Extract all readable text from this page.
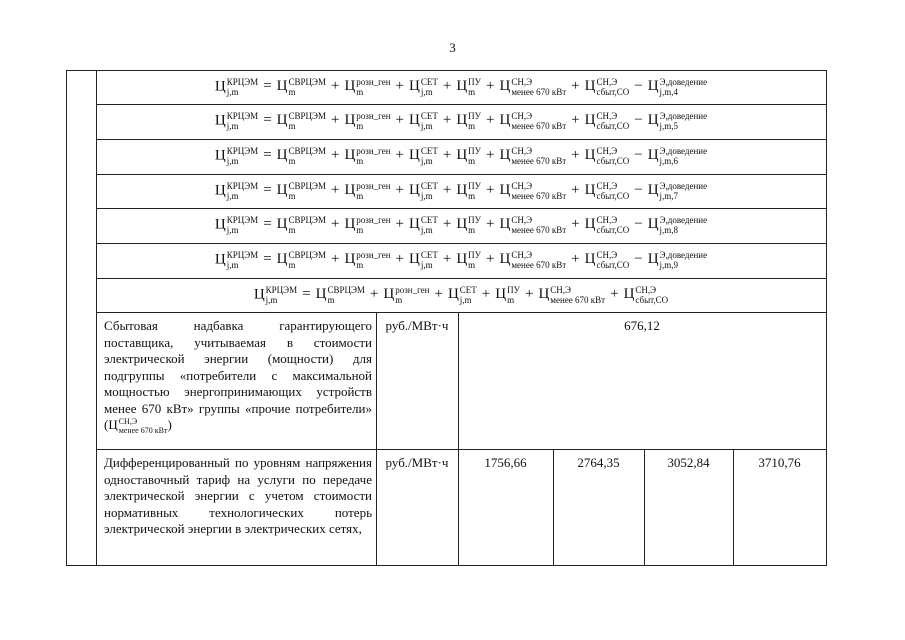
3
Ц КРЦЭМ
j,m	= Ц СВРЦЭМ
m	+ Ц розн_ген
m	+ Ц СЕТ
j,m + Ц ПУ
m + Ц СН,Э
менее 670 кВт + Ц СН,Э
сбыт,СО − Ц Э,доведение
j,m,4
Ц КРЦЭМ
j,m	= Ц СВРЦЭМ
m	+ Ц розн_ген
m	+ Ц СЕТ
j,m + Ц ПУ
m + Ц СН,Э
менее 670 кВт + Ц СН,Э
сбыт,СО − Ц Э,доведение
j,m,5
Ц КРЦЭМ
j,m	= Ц СВРЦЭМ
m	+ Ц розн_ген
m	+ Ц СЕТ
j,m + Ц ПУ
m + Ц СН,Э
менее 670 кВт + Ц СН,Э
сбыт,СО − Ц Э,доведение
j,m,6
Ц КРЦЭМ
j,m	= Ц СВРЦЭМ
m	+ Ц розн_ген
m	+ Ц СЕТ
j,m + Ц ПУ
m + Ц СН,Э
менее 670 кВт + Ц СН,Э
сбыт,СО − Ц Э,доведение
j,m,7
Ц КРЦЭМ
j,m	= Ц СВРЦЭМ
m	+ Ц розн_ген
m	+ Ц СЕТ
j,m + Ц ПУ
m + Ц СН,Э
менее 670 кВт + Ц СН,Э
сбыт,СО − Ц Э,доведение
j,m,8
Ц КРЦЭМ
j,m	= Ц СВРЦЭМ
m	+ Ц розн_ген
m	+ Ц СЕТ
j,m + Ц ПУ
m + Ц СН,Э
менее 670 кВт + Ц СН,Э
сбыт,СО − Ц Э,доведение
j,m,9
Ц КРЦЭМ
j,m	= Ц СВРЦЭМ
m	+ Ц розн_ген
m	+ Ц СЕТ
j,m + Ц ПУ
m + Ц СН,Э
менее 670 кВт + Ц СН,Э
сбыт,СО
Сбытовая надбавка гарантирующего поставщика, учитываемая в стоимости электрической энергии (мощности) для подгруппы «потребители с максимальной мощностью энергопринимающих устройств менее 670 кВт» группы «прочие потребители» (Ц СН,Э
менее 670 кВт )
руб./МВт·ч	676,12
Дифференцированный по уровням напряжения одноставочный тариф на услуги по передаче электрической энергии с учетом стоимости нормативных технологических потерь электрической энергии в электрических сетях,
руб./МВт·ч	1756,66	2764,35	3052,84	3710,76
